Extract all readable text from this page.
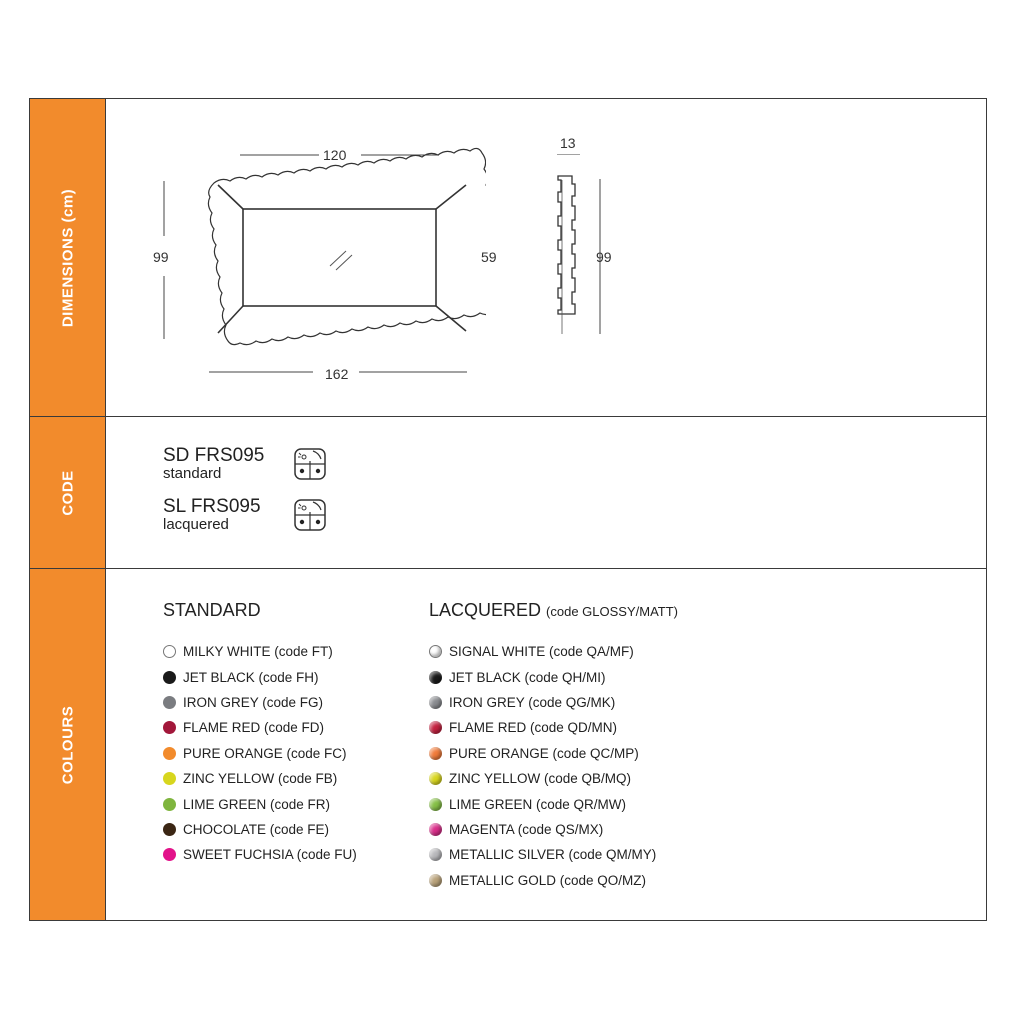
DIMENSIONS (cm)
120
99	59
162
13
99
CODE
SD FRS095
standard
SL FRS095
lacquered
COLOURS
STANDARD	LACQUERED (code GLOSSY/MATT)
MILKY WHITE (code FT)
JET BLACK (code FH)
IRON GREY (code FG)
FLAME RED (code FD)
PURE ORANGE (code FC)
ZINC YELLOW (code FB)
LIME GREEN (code FR)
CHOCOLATE (code FE)
SWEET FUCHSIA (code FU)
SIGNAL WHITE (code QA/MF)
JET BLACK (code QH/MI)
IRON GREY (code QG/MK)
FLAME RED (code QD/MN)
PURE ORANGE (code QC/MP)
ZINC YELLOW (code QB/MQ)
LIME GREEN (code QR/MW)
MAGENTA (code QS/MX)
METALLIC SILVER (code QM/MY)
METALLIC GOLD (code QO/MZ)
